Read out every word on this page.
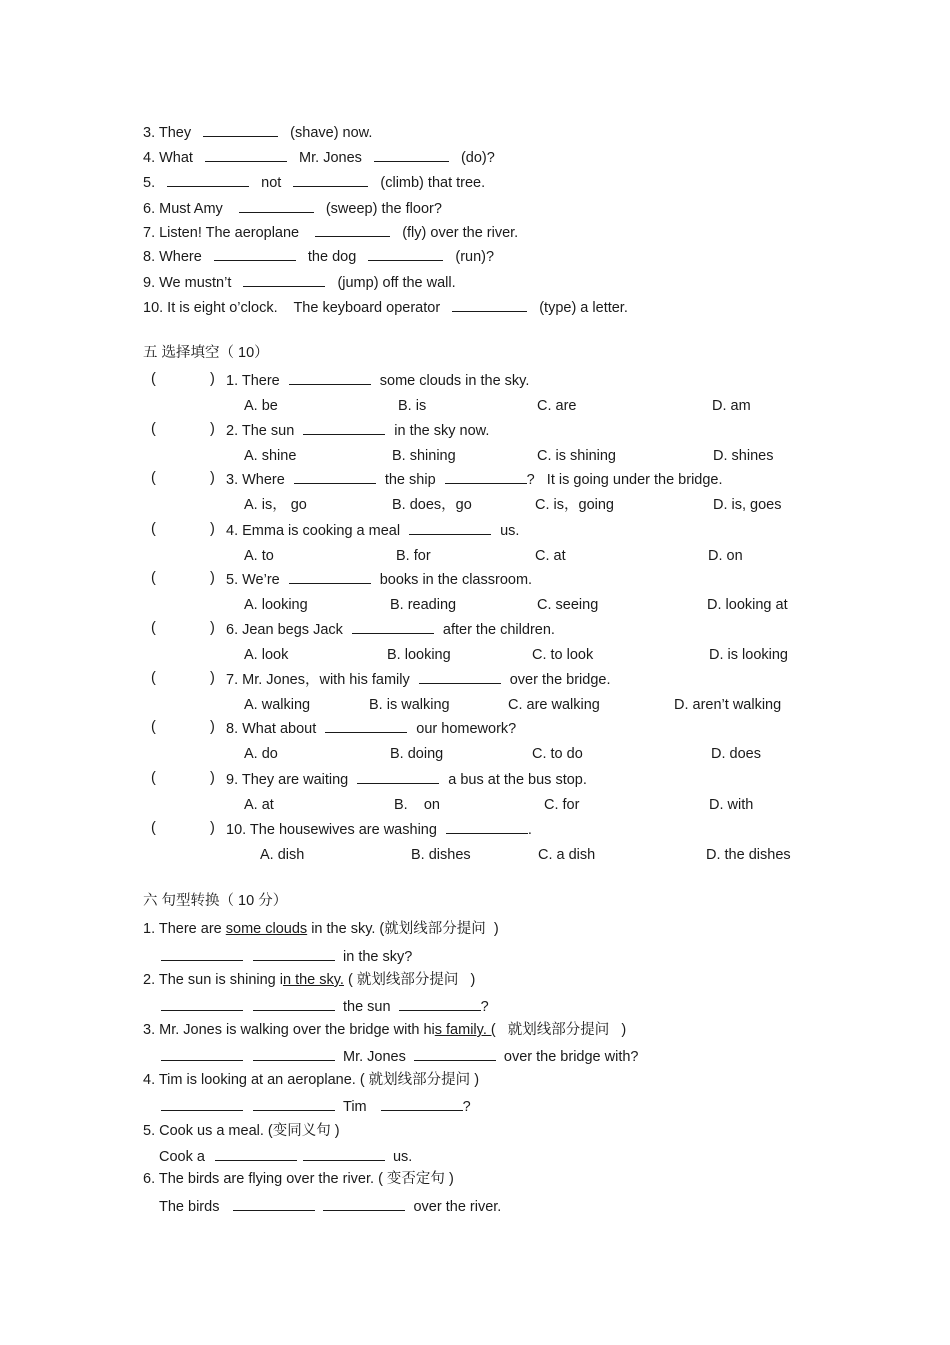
3. They	(shave) now.
4. What	Mr. Jones	(do)?
5.	not	(climb) that tree.
6. Must Amy	(sweep) the floor?
7. Listen! The aeroplane	(fly) over the river.
8. Where	the dog	(run)?
9. We mustn’t	(jump) off the wall.
10. It is eight o’clock.    The keyboard operator	(type) a letter.
五 选择填空（ 10）
(	) 1. There	some clouds in the sky.
A. be	B. is	C. are	D. am
(	) 2. The sun	in the sky now.
A. shine	B. shining	C. is shining	D. shines
(	) 3. Where	the ship	?   It is going under the bridge.
A. is， go	B. does，go	C. is，going	D. is, goes
(	) 4. Emma is cooking a meal	us.
A. to	B. for	C. at	D. on
(	) 5. We’re	books in the classroom.
A. looking	B. reading	C. seeing	D. looking at
(	) 6. Jean begs Jack	after the children.
A. look	B. looking	C. to look	D. is looking
(	) 7. Mr. Jones，with his family	over the bridge.
A. walking	B. is walking	C. are walking	D. aren’t walking
(	) 8. What about	our homework?
A. do	B. doing	C. to do	D. does
(	) 9. They are waiting	a bus at the bus stop.
A. at	B.    on	C. for	D. with
(	) 10. The housewives are washing	.
A. dish	B. dishes	C. a dish	D. the dishes
六 句型转换（ 10 分）
1. There are some clouds in the sky. (就划线部分提问  )
in the sky?
2. The sun is shining in the sky. ( 就划线部分提问   )
the sun	?
3. Mr. Jones is walking over the bridge with his family. (   就划线部分提问   )
Mr. Jones	over the bridge with?
4. Tim is looking at an aeroplane. ( 就划线部分提问 )
Tim	?
5. Cook us a meal. (变同义句 )
Cook a	us.
6. The birds are flying over the river. ( 变否定句 )
The birds	over the river.
